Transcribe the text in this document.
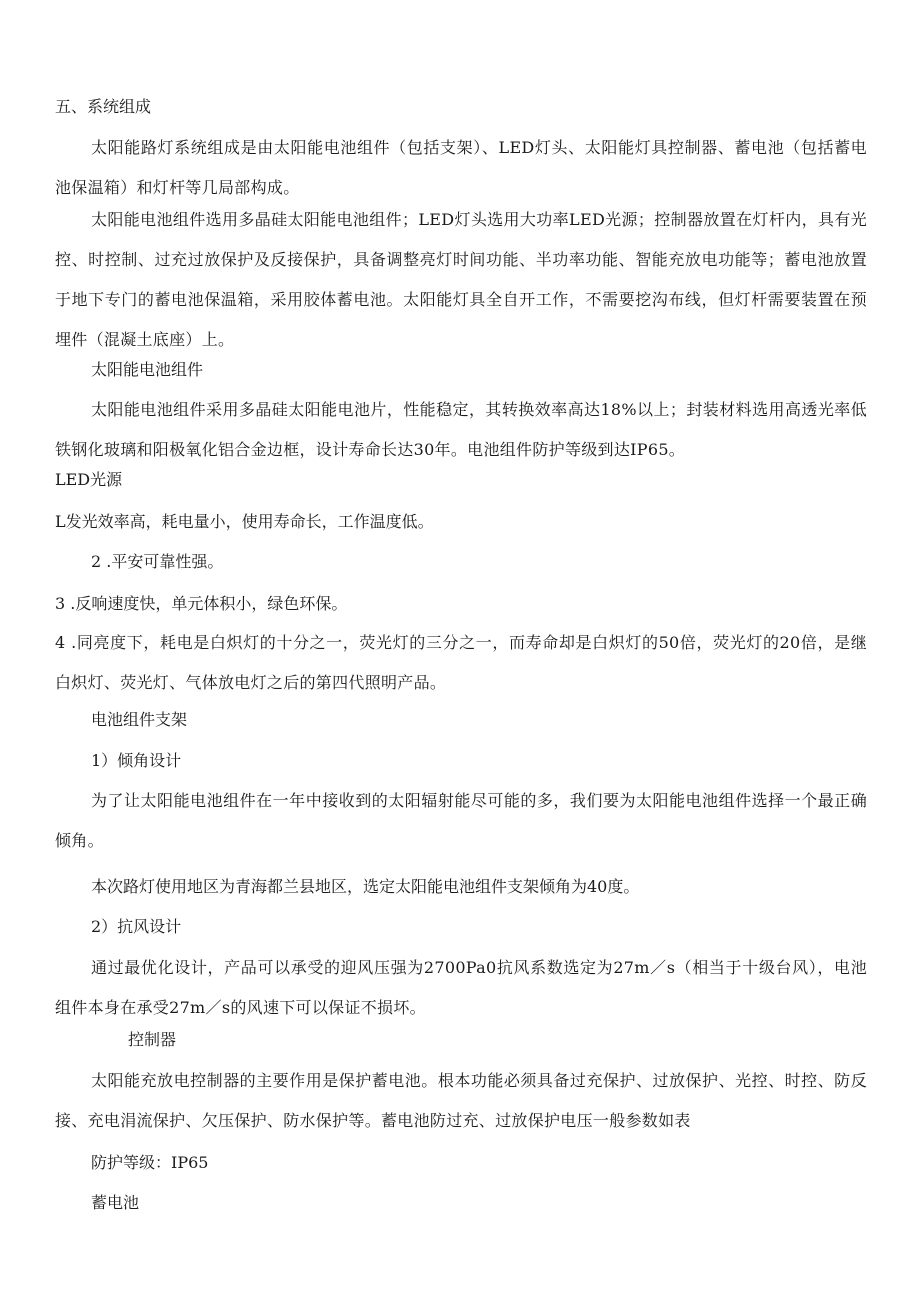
五、系统组成

太阳能路灯系统组成是由太阳能电池组件（包括支架）、LED灯头、太阳能灯具控制器、蓄电池（包括蓄电池保温箱）和灯杆等几局部构成。

太阳能电池组件选用多晶硅太阳能电池组件；LED灯头选用大功率LED光源；控制器放置在灯杆内，具有光控、时控制、过充过放保护及反接保护，具备调整亮灯时间功能、半功率功能、智能充放电功能等；蓄电池放置于地下专门的蓄电池保温箱，采用胶体蓄电池。太阳能灯具全自开工作，不需要挖沟布线，但灯杆需要装置在预埋件（混凝土底座）上。

太阳能电池组件

太阳能电池组件采用多晶硅太阳能电池片，性能稳定，其转换效率高达18%以上；封装材料选用高透光率低铁钢化玻璃和阳极氧化铝合金边框，设计寿命长达30年。电池组件防护等级到达IP65。

LED光源

L发光效率高，耗电量小，使用寿命长，工作温度低。

2 .平安可靠性强。

3 .反响速度快，单元体积小，绿色环保。

4 .同亮度下，耗电是白炽灯的十分之一，荧光灯的三分之一，而寿命却是白炽灯的50倍，荧光灯的20倍，是继白炽灯、荧光灯、气体放电灯之后的第四代照明产品。

电池组件支架

1）倾角设计

为了让太阳能电池组件在一年中接收到的太阳辐射能尽可能的多，我们要为太阳能电池组件选择一个最正确倾角。

本次路灯使用地区为青海都兰县地区，选定太阳能电池组件支架倾角为40度。

2）抗风设计

通过最优化设计，产品可以承受的迎风压强为2700Pa0抗风系数选定为27m／s（相当于十级台风），电池组件本身在承受27m／s的风速下可以保证不损坏。

控制器

太阳能充放电控制器的主要作用是保护蓄电池。根本功能必须具备过充保护、过放保护、光控、时控、防反接、充电涓流保护、欠压保护、防水保护等。蓄电池防过充、过放保护电压一般参数如表

防护等级：IP65

蓄电池
